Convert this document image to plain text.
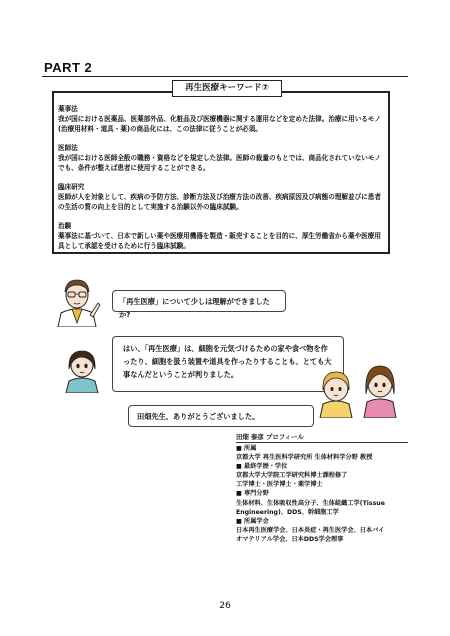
PART 2
再生医療キーワード⑦
薬事法
我が国における医薬品、医薬部外品、化粧品及び医療機器に関する運用などを定めた法律。治療に用いるモノ(治療用材料・道具・薬)の商品化には、この法律に従うことが必須。
医師法
我が国における医師全般の職務・資格などを規定した法律。医師の裁量のもとでは、商品化されていないモノでも、条件が整えば患者に使用することができる。
臨床研究
医師が人を対象として、疾病の予防方法、診断方法及び治療方法の改善、疾病原因及び病態の理解並びに患者の生活の質の向上を目的として実施する治験以外の臨床試験。
治験
薬事法に基づいて、日本で新しい薬や医療用機器を製造・販売することを目的に、厚生労働省から薬や医療用具として承認を受けるために行う臨床試験。
「再生医療」について少しは理解ができましたか?
はい、「再生医療」は、細胞を元気づけるための家や食べ物を作ったり、細胞を扱う装置や道具を作ったりすることも、とても大事なんだということが判りました。
田畑先生、ありがとうございました。
田畑 泰彦 プロフィール
■ 所属
京都大学 再生医科学研究所 生体材料学分野 教授
■ 最終学歴・学位
京都大学大学院工学研究科博士課程修了
工学博士・医学博士・薬学博士
■ 専門分野
生体材料、生体吸収性高分子、生体組織工学(Tissue
Engineering)、DDS、幹細胞工学
■ 所属学会
日本再生医療学会、日本炎症・再生医学会、日本バイ
オマテリアル学会、日本DDS学会理事
26
